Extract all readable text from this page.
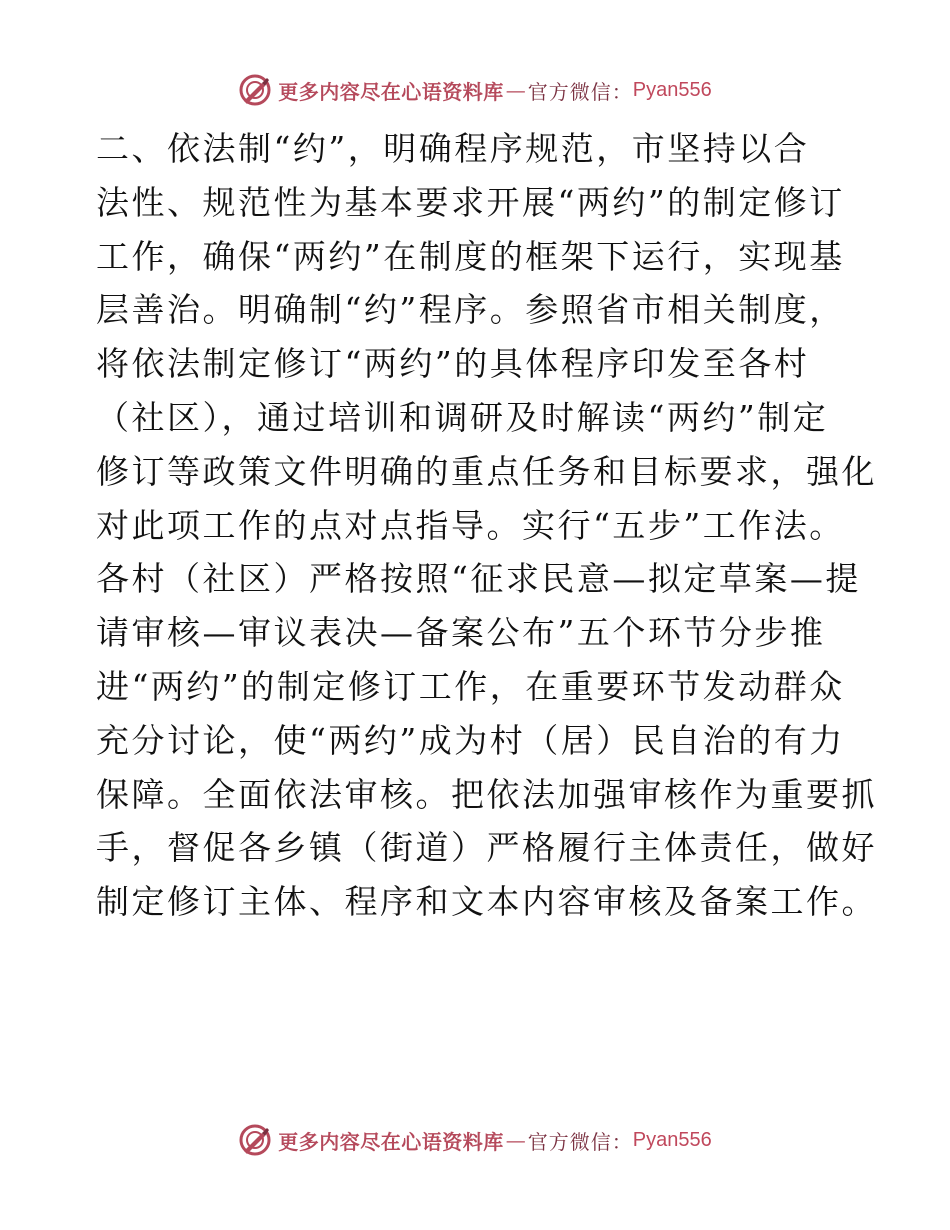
更多内容尽在心语资料库 — 官方微信： Pyan556
二、依法制“约”，明确程序规范，市坚持以合
法性、规范性为基本要求开展“两约”的制定修订
工作，确保“两约”在制度的框架下运行，实现基
层善治。明确制“约”程序。参照省市相关制度，
将依法制定修订“两约”的具体程序印发至各村
（社区），通过培训和调研及时解读“两约”制定
修订等政策文件明确的重点任务和目标要求，强化
对此项工作的点对点指导。实行“五步”工作法。
各村（社区）严格按照“征求民意—拟定草案—提
请审核—审议表决—备案公布”五个环节分步推
进“两约”的制定修订工作，在重要环节发动群众
充分讨论，使“两约”成为村（居）民自治的有力
保障。全面依法审核。把依法加强审核作为重要抓
手，督促各乡镇（街道）严格履行主体责任，做好
制定修订主体、程序和文本内容审核及备案工作。
更多内容尽在心语资料库 — 官方微信： Pyan556
